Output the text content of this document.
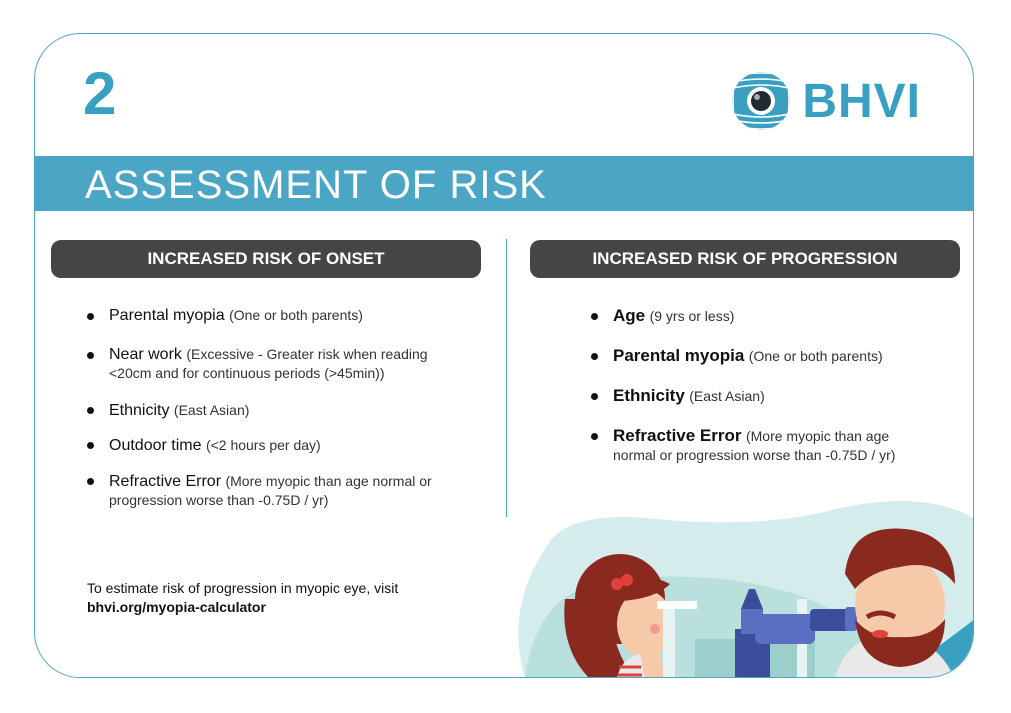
2	BHVI
ASSESSMENT OF RISK
INCREASED RISK OF ONSET	INCREASED RISK OF PROGRESSION
Parental myopia (One or both parents)
Near work (Excessive - Greater risk when reading <20cm and for continuous periods (>45min))
Ethnicity (East Asian)
Outdoor time (<2 hours per day)
Refractive Error (More myopic than age normal or progression worse than -0.75D / yr)
Age (9 yrs or less)
Parental myopia (One or both parents)
Ethnicity (East Asian)
Refractive Error (More myopic than age normal or progression worse than -0.75D / yr)
To estimate risk of progression in myopic eye, visit
bhvi.org/myopia-calculator
